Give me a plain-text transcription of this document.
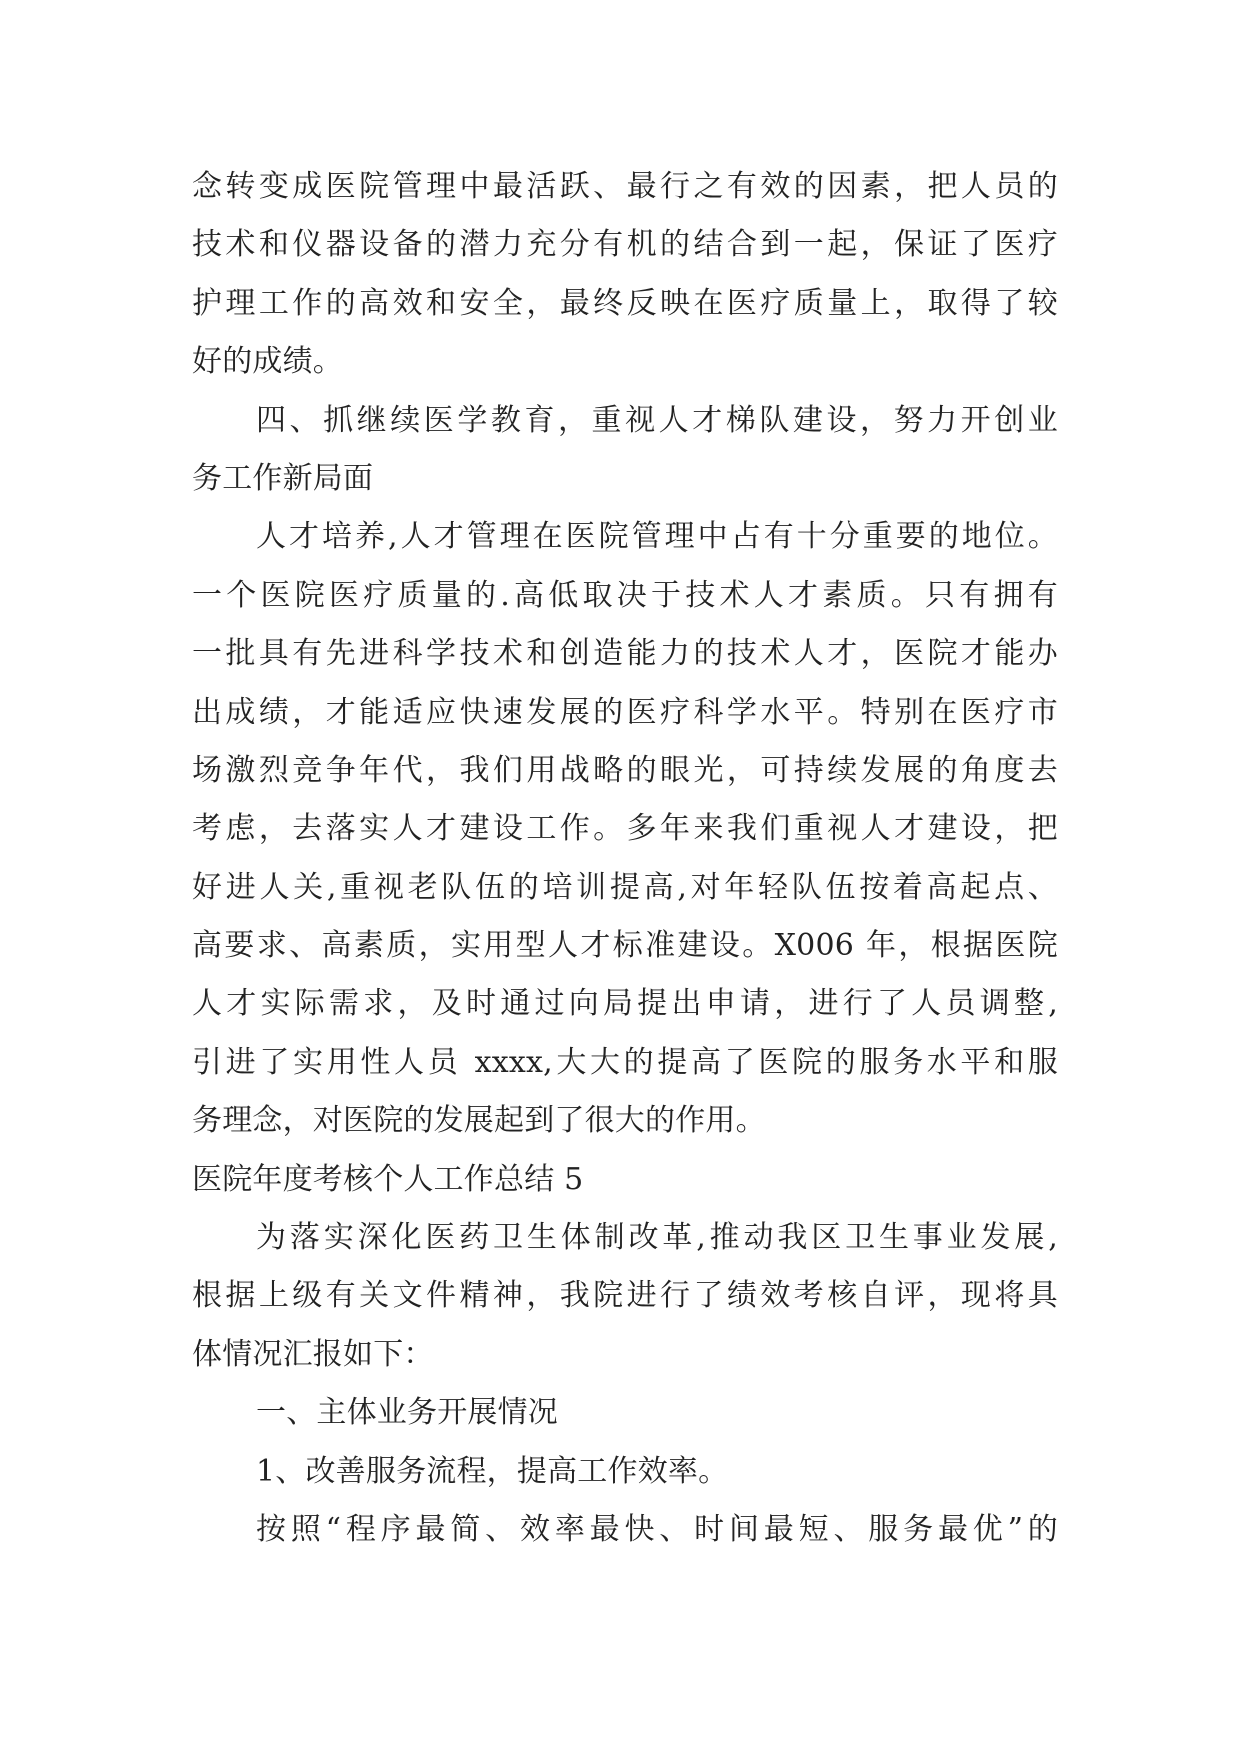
念转变成医院管理中最活跃、最行之有效的因素，把人员的
技术和仪器设备的潜力充分有机的结合到一起，保证了医疗
护理工作的高效和安全，最终反映在医疗质量上，取得了较
好的成绩。
四、抓继续医学教育，重视人才梯队建设，努力开创业
务工作新局面
人才培养,人才管理在医院管理中占有十分重要的地位。
一个医院医疗质量的.高低取决于技术人才素质。只有拥有
一批具有先进科学技术和创造能力的技术人才，医院才能办
出成绩，才能适应快速发展的医疗科学水平。特别在医疗市
场激烈竞争年代，我们用战略的眼光，可持续发展的角度去
考虑，去落实人才建设工作。多年来我们重视人才建设，把
好进人关,重视老队伍的培训提高,对年轻队伍按着高起点、
高要求、高素质，实用型人才标准建设。X006 年，根据医院
人才实际需求，及时通过向局提出申请，进行了人员调整,
引进了实用性人员 xxxx,大大的提高了医院的服务水平和服
务理念，对医院的发展起到了很大的作用。
医院年度考核个人工作总结 5
为落实深化医药卫生体制改革,推动我区卫生事业发展,
根据上级有关文件精神，我院进行了绩效考核自评，现将具
体情况汇报如下：
一、主体业务开展情况
1、改善服务流程，提高工作效率。
按照“程序最简、效率最快、时间最短、服务最优”的
